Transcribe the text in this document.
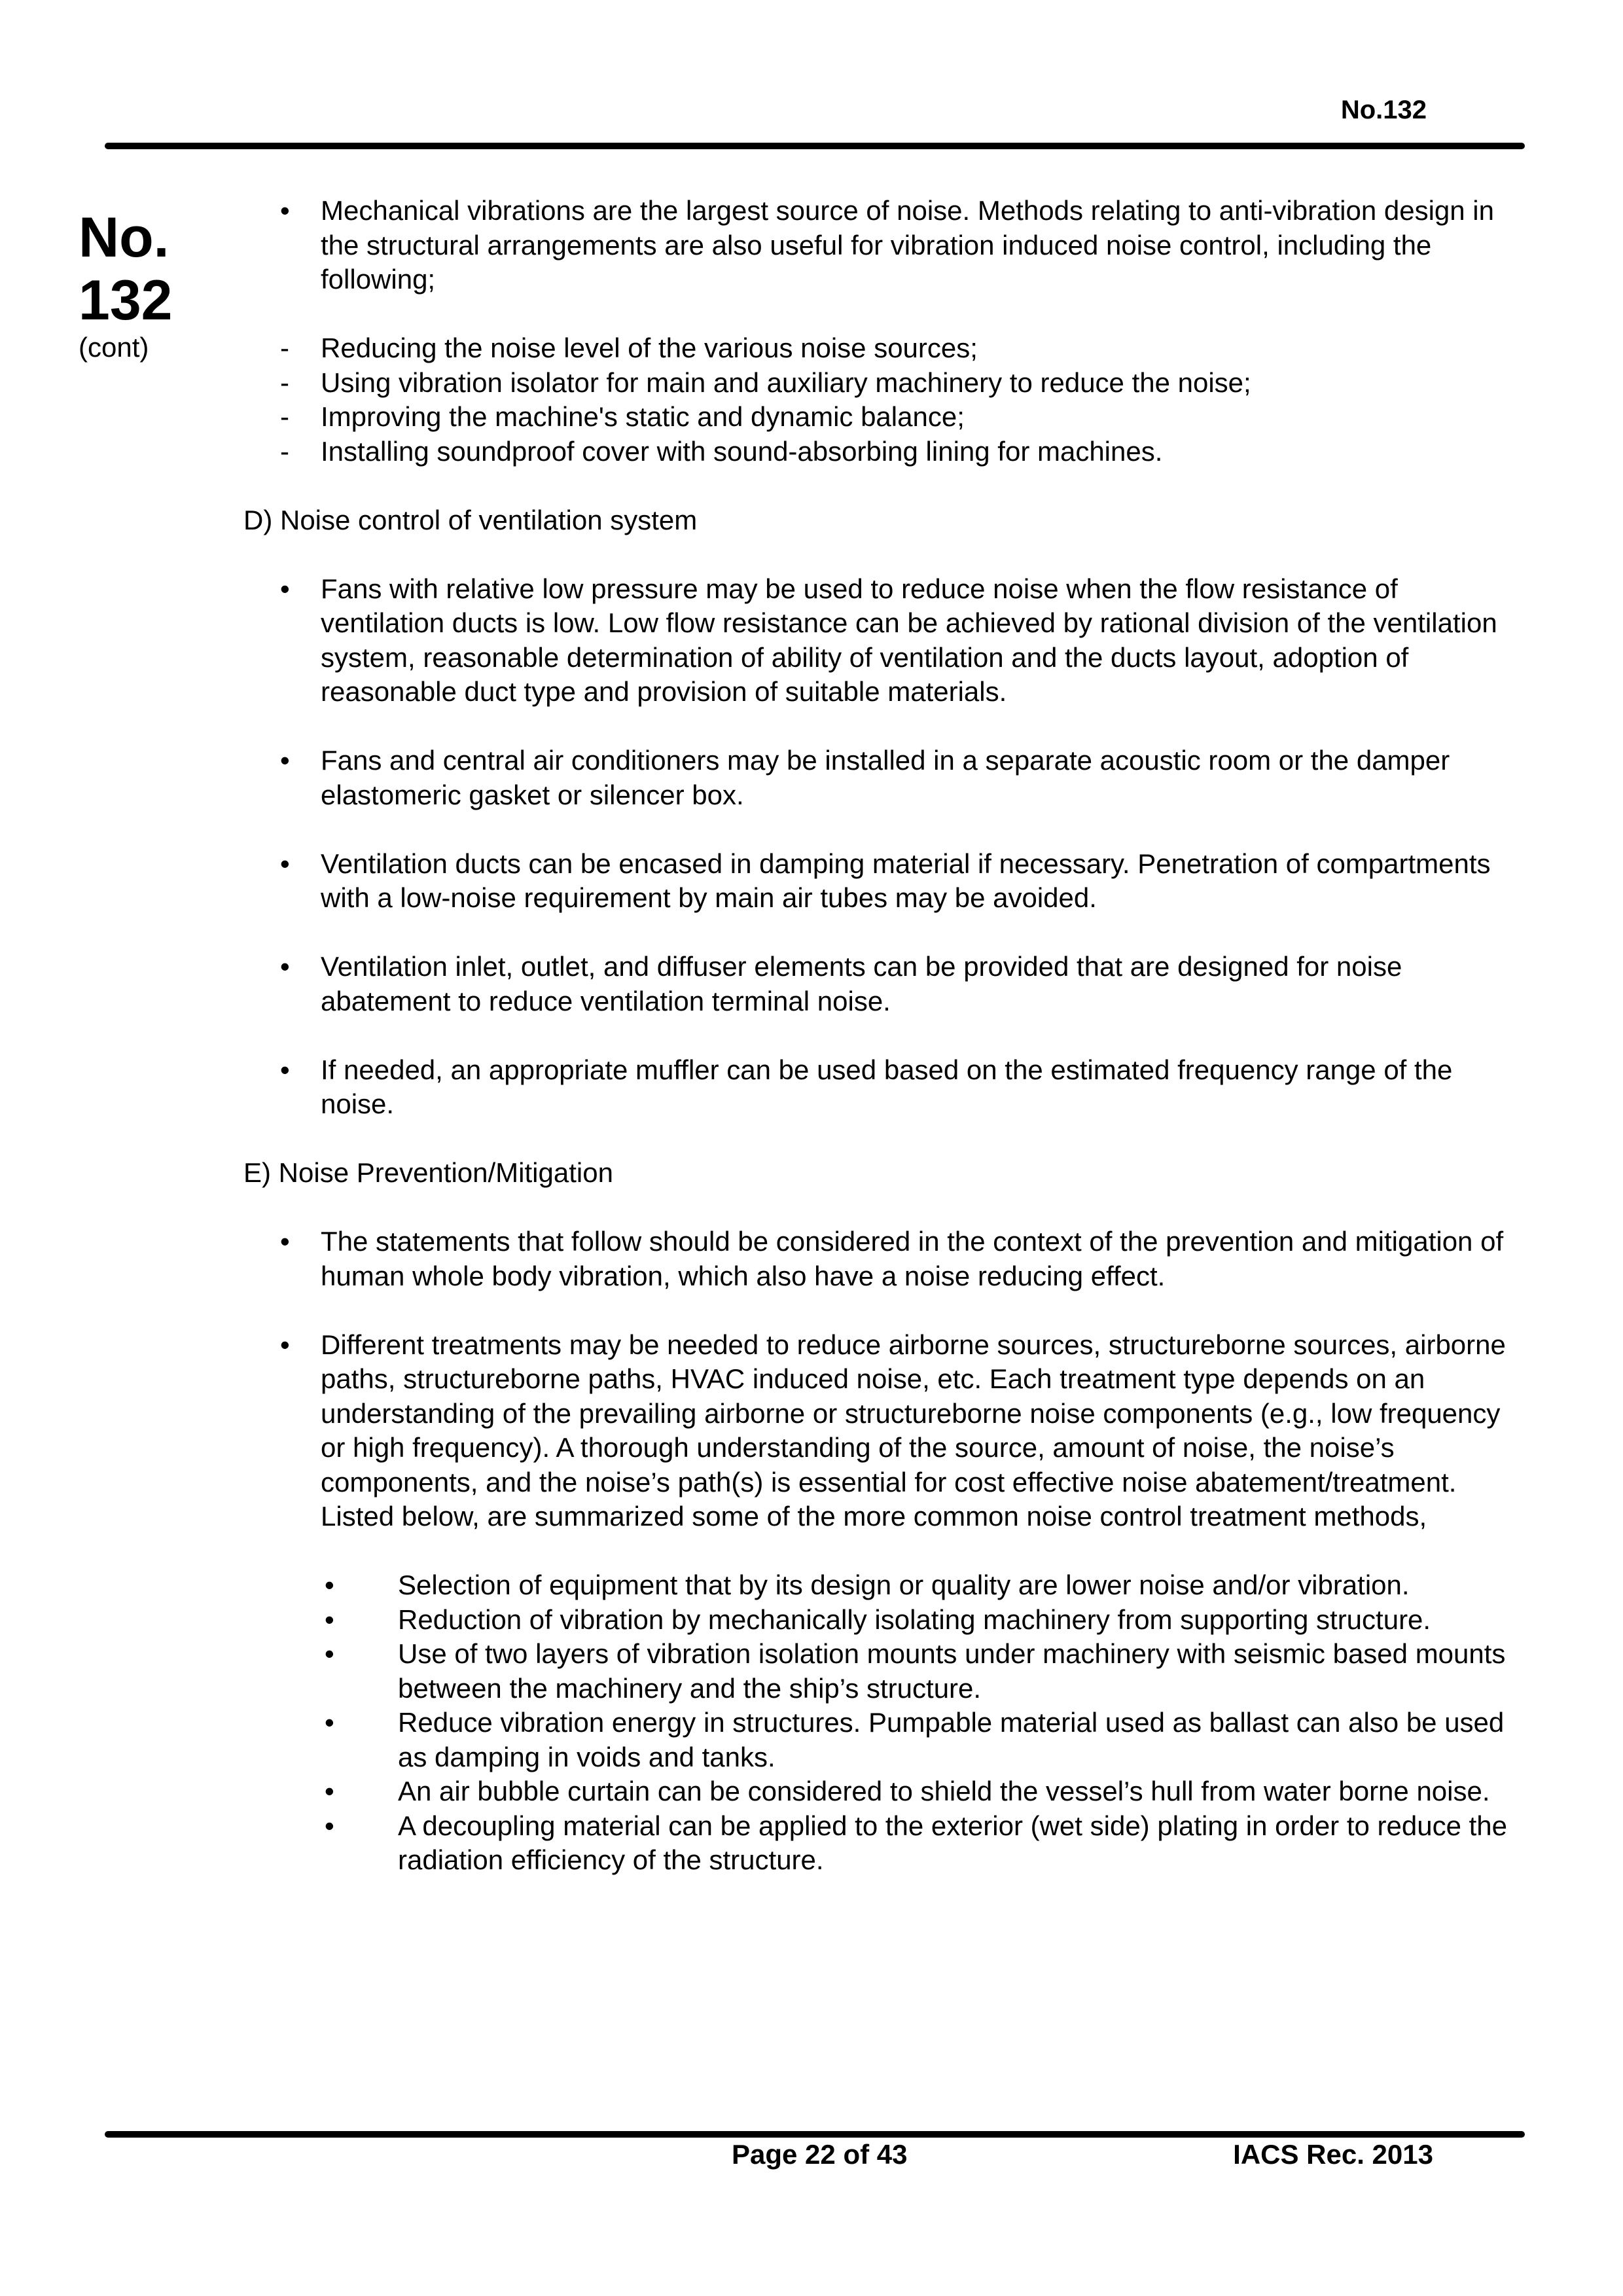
No.132
No.
132
(cont)
• Mechanical vibrations are the largest source of noise. Methods relating to anti-vibration design in the structural arrangements are also useful for vibration induced noise control, including the following;
- Reducing the noise level of the various noise sources;
- Using vibration isolator for main and auxiliary machinery to reduce the noise;
- Improving the machine's static and dynamic balance;
- Installing soundproof cover with sound-absorbing lining for machines.
D) Noise control of ventilation system
• Fans with relative low pressure may be used to reduce noise when the flow resistance of ventilation ducts is low. Low flow resistance can be achieved by rational division of the ventilation system, reasonable determination of ability of ventilation and the ducts layout, adoption of reasonable duct type and provision of suitable materials.
• Fans and central air conditioners may be installed in a separate acoustic room or the damper elastomeric gasket or silencer box.
• Ventilation ducts can be encased in damping material if necessary. Penetration of compartments with a low-noise requirement by main air tubes may be avoided.
• Ventilation inlet, outlet, and diffuser elements can be provided that are designed for noise abatement to reduce ventilation terminal noise.
• If needed, an appropriate muffler can be used based on the estimated frequency range of the noise.
E) Noise Prevention/Mitigation
• The statements that follow should be considered in the context of the prevention and mitigation of human whole body vibration, which also have a noise reducing effect.
• Different treatments may be needed to reduce airborne sources, structureborne sources, airborne paths, structureborne paths, HVAC induced noise, etc. Each treatment type depends on an understanding of the prevailing airborne or structureborne noise components (e.g., low frequency or high frequency). A thorough understanding of the source, amount of noise, the noise’s components, and the noise’s path(s) is essential for cost effective noise abatement/treatment. Listed below, are summarized some of the more common noise control treatment methods,
• Selection of equipment that by its design or quality are lower noise and/or vibration.
• Reduction of vibration by mechanically isolating machinery from supporting structure.
• Use of two layers of vibration isolation mounts under machinery with seismic based mounts between the machinery and the ship’s structure.
• Reduce vibration energy in structures. Pumpable material used as ballast can also be used as damping in voids and tanks.
• An air bubble curtain can be considered to shield the vessel’s hull from water borne noise.
• A decoupling material can be applied to the exterior (wet side) plating in order to reduce the radiation efficiency of the structure.
Page 22 of 43	IACS Rec. 2013
